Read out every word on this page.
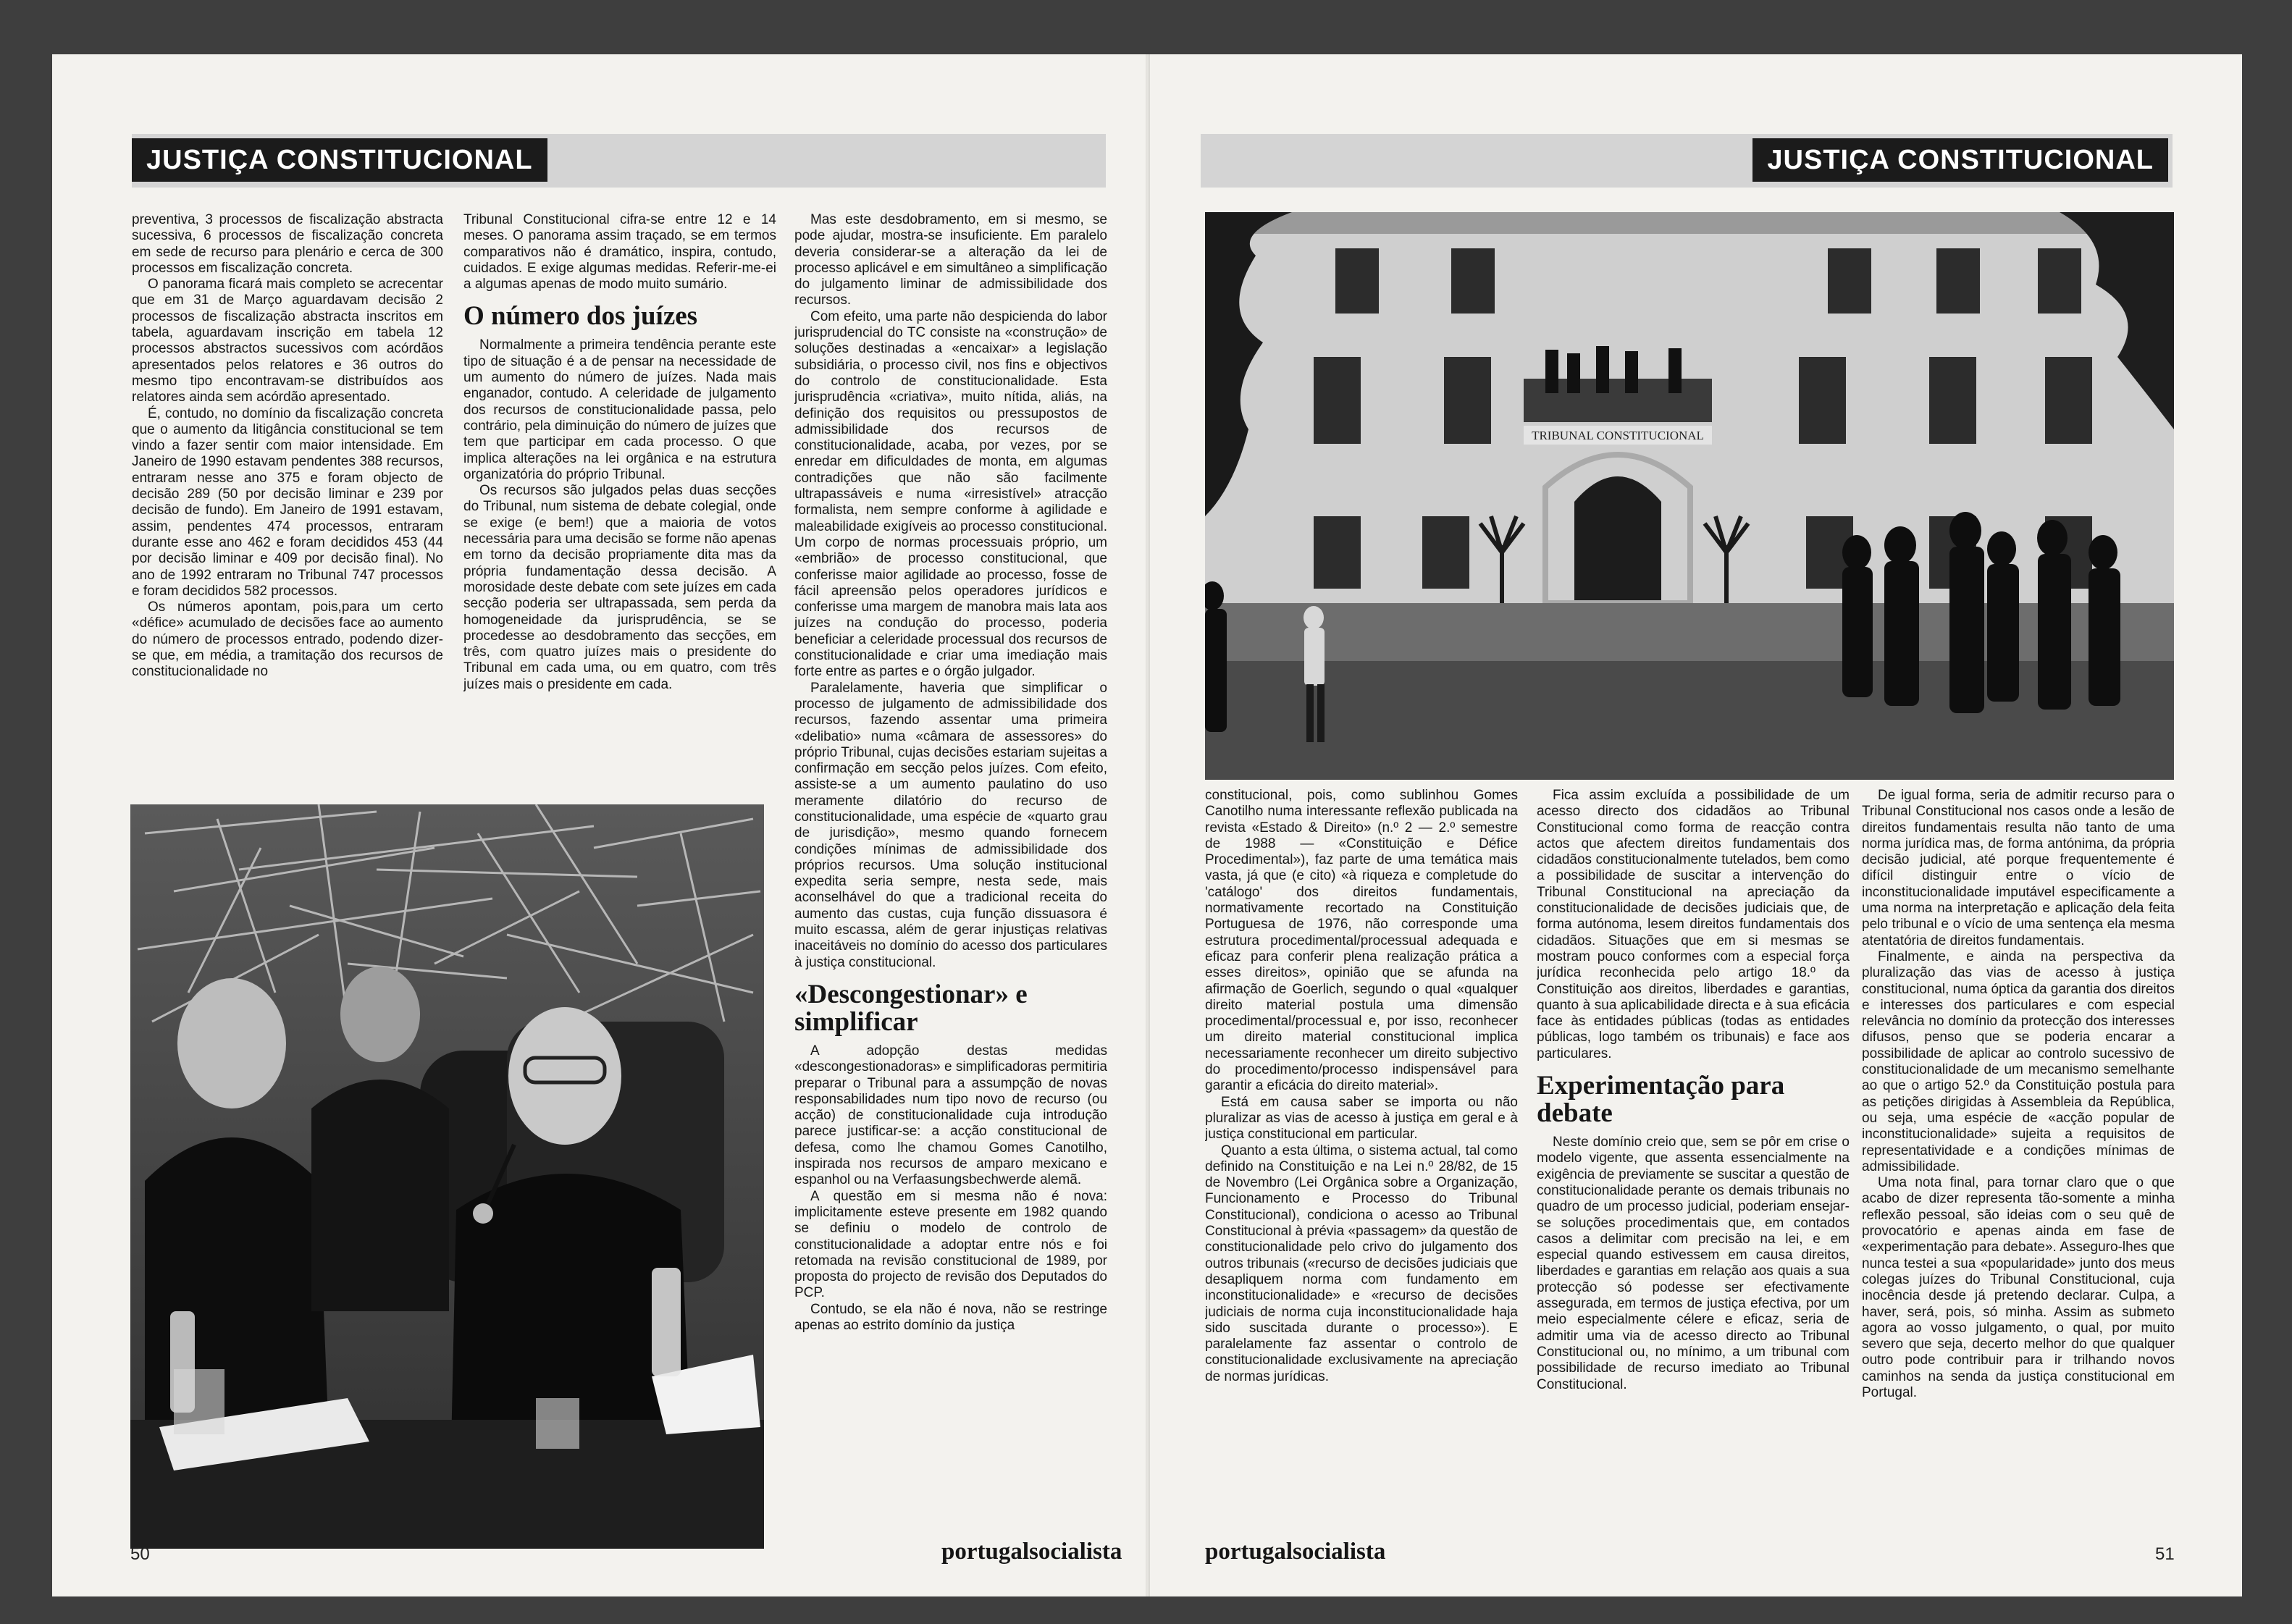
JUSTIÇA CONSTITUCIONAL

preventiva, 3 processos de fiscalização abstracta sucessiva, 6 processos de fiscalização concreta em sede de recurso para plenário e cerca de 300 processos em fiscalização concreta.

O panorama ficará mais completo se acrecentar que em 31 de Março aguardavam decisão 2 processos de fiscalização abstracta inscritos em tabela, aguardavam inscrição em tabela 12 processos abstractos sucessivos com acórdãos apresentados pelos relatores e 36 outros do mesmo tipo encontravam-se distribuídos aos relatores ainda sem acórdão apresentado.

É, contudo, no domínio da fiscalização concreta que o aumento da litigância constitucional se tem vindo a fazer sentir com maior intensidade. Em Janeiro de 1990 estavam pendentes 388 recursos, entraram nesse ano 375 e foram objecto de decisão 289 (50 por decisão liminar e 239 por decisão de fundo). Em Janeiro de 1991 estavam, assim, pendentes 474 processos, entraram durante esse ano 462 e foram decididos 453 (44 por decisão liminar e 409 por decisão final). No ano de 1992 entraram no Tribunal 747 processos e foram decididos 582 processos.

Os números apontam, pois,para um certo «défice» acumulado de decisões face ao aumento do número de processos entrado, podendo dizer-se que, em média, a tramitação dos recursos de constitucionalidade no

Tribunal Constitucional cifra-se entre 12 e 14 meses. O panorama assim traçado, se em termos comparativos não é dramático, inspira, contudo, cuidados. E exige algumas medidas. Referir-me-ei a algumas apenas de modo muito sumário.

O número dos juízes

Normalmente a primeira tendência perante este tipo de situação é a de pensar na necessidade de um aumento do número de juízes. Nada mais enganador, contudo. A celeridade de julgamento dos recursos de constitucionalidade passa, pelo contrário, pela diminuição do número de juízes que tem que participar em cada processo. O que implica alterações na lei orgânica e na estrutura organizatória do próprio Tribunal.

Os recursos são julgados pelas duas secções do Tribunal, num sistema de debate colegial, onde se exige (e bem!) que a maioria de votos necessária para uma decisão se forme não apenas em torno da decisão propriamente dita mas da própria fundamentação dessa decisão. A morosidade deste debate com sete juízes em cada secção poderia ser ultrapassada, sem perda da homogeneidade da jurisprudência, se se procedesse ao desdobramento das secções, em três, com quatro juízes mais o presidente do Tribunal em cada uma, ou em quatro, com três juízes mais o presidente em cada.

Mas este desdobramento, em si mesmo, se pode ajudar, mostra-se insuficiente. Em paralelo deveria considerar-se a alteração da lei de processo aplicável e em simultâneo a simplificação do julgamento liminar de admissibilidade dos recursos.

Com efeito, uma parte não despicienda do labor jurisprudencial do TC consiste na «construção» de soluções destinadas a «encaixar» a legislação subsidiária, o processo civil, nos fins e objectivos do controlo de constitucionalidade. Esta jurisprudência «criativa», muito nítida, aliás, na definição dos requisitos ou pressupostos de admissibilidade dos recursos de constitucionalidade, acaba, por vezes, por se enredar em dificuldades de monta, em algumas contradições que não são facilmente ultrapassáveis e numa «irresistível» atracção formalista, nem sempre conforme à agilidade e maleabilidade exigíveis ao processo constitucional. Um corpo de normas processuais próprio, um «embrião» de processo constitucional, que conferisse maior agilidade ao processo, fosse de fácil apreensão pelos operadores jurídicos e conferisse uma margem de manobra mais lata aos juízes na condução do processo, poderia beneficiar a celeridade processual dos recursos de constitucionalidade e criar uma imediação mais forte entre as partes e o órgão julgador.

Paralelamente, haveria que simplificar o processo de julgamento de admissibilidade dos recursos, fazendo assentar uma primeira «delibatio» numa «câmara de assessores» do próprio Tribunal, cujas decisões estariam sujeitas a confirmação em secção pelos juízes. Com efeito, assiste-se a um aumento paulatino do uso meramente dilatório do recurso de constitucionalidade, uma espécie de «quarto grau de jurisdição», mesmo quando fornecem condições mínimas de admissibilidade dos próprios recursos. Uma solução institucional expedita seria sempre, nesta sede, mais aconselhável do que a tradicional receita do aumento das custas, cuja função dissuasora é muito escassa, além de gerar injustiças relativas inaceitáveis no domínio do acesso dos particulares à justiça constitucional.

«Descongestionar» e simplificar

A adopção destas medidas «descongestionadoras» e simplificadoras permitiria preparar o Tribunal para a assumpção de novas responsabilidades num tipo novo de recurso (ou acção) de constitucionalidade cuja introdução parece justificar-se: a acção constitucional de defesa, como lhe chamou Gomes Canotilho, inspirada nos recursos de amparo mexicano e espanhol ou na Verfaasungsbechwerde alemã.

A questão em si mesma não é nova: implicitamente esteve presente em 1982 quando se definiu o modelo de controlo de constitucionalidade a adoptar entre nós e foi retomada na revisão constitucional de 1989, por proposta do projecto de revisão dos Deputados do PCP.

Contudo, se ela não é nova, não se restringe apenas ao estrito domínio da justiça

50	portugalsocialista
JUSTIÇA CONSTITUCIONAL
TRIBUNAL CONSTITUCIONAL

constitucional, pois, como sublinhou Gomes Canotilho numa interessante reflexão publicada na revista «Estado & Direito» (n.º 2 — 2.º semestre de 1988 — «Constituição e Défice Procedimental»), faz parte de uma temática mais vasta, já que (e cito) «à riqueza e completude do 'catálogo' dos direitos fundamentais, normativamente recortado na Constituição Portuguesa de 1976, não corresponde uma estrutura procedimental/processual adequada e eficaz para conferir plena realização prática a esses direitos», opinião que se afunda na afirmação de Goerlich, segundo o qual «qualquer direito material postula uma dimensão procedimental/processual e, por isso, reconhecer um direito material constitucional implica necessariamente reconhecer um direito subjectivo do procedimento/processo indispensável para garantir a eficácia do direito material».

Está em causa saber se importa ou não pluralizar as vias de acesso à justiça em geral e à justiça constitucional em particular.

Quanto a esta última, o sistema actual, tal como definido na Constituição e na Lei n.º 28/82, de 15 de Novembro (Lei Orgânica sobre a Organização, Funcionamento e Processo do Tribunal Constitucional), condiciona o acesso ao Tribunal Constitucional à prévia «passagem» da questão de constitucionalidade pelo crivo do julgamento dos outros tribunais («recurso de decisões judiciais que desapliquem norma com fundamento em inconstitucionalidade» e «recurso de decisões judiciais de norma cuja inconstitucionalidade haja sido suscitada durante o processo»). E paralelamente faz assentar o controlo de constitucionalidade exclusivamente na apreciação de normas jurídicas.

Fica assim excluída a possibilidade de um acesso directo dos cidadãos ao Tribunal Constitucional como forma de reacção contra actos que afectem direitos fundamentais dos cidadãos constitucionalmente tutelados, bem como a possibilidade de suscitar a intervenção do Tribunal Constitucional na apreciação da constitucionalidade de decisões judiciais que, de forma autónoma, lesem direitos fundamentais dos cidadãos. Situações que em si mesmas se mostram pouco conformes com a especial força jurídica reconhecida pelo artigo 18.º da Constituição aos direitos, liberdades e garantias, quanto à sua aplicabilidade directa e à sua eficácia face às entidades públicas (todas as entidades públicas, logo também os tribunais) e face aos particulares.

Experimentação para debate

Neste domínio creio que, sem se pôr em crise o modelo vigente, que assenta essencialmente na exigência de previamente se suscitar a questão de constitucionalidade perante os demais tribunais no quadro de um processo judicial, poderiam ensejar-se soluções procedimentais que, em contados casos a delimitar com precisão na lei, e em especial quando estivessem em causa direitos, liberdades e garantias em relação aos quais a sua protecção só podesse ser efectivamente assegurada, em termos de justiça efectiva, por um meio especialmente célere e eficaz, seria de admitir uma via de acesso directo ao Tribunal Constitucional ou, no mínimo, a um tribunal com possibilidade de recurso imediato ao Tribunal Constitucional.

De igual forma, seria de admitir recurso para o Tribunal Constitucional nos casos onde a lesão de direitos fundamentais resulta não tanto de uma norma jurídica mas, de forma antónima, da própria decisão judicial, até porque frequentemente é difícil distinguir entre o vício de inconstitucionalidade imputável especificamente a uma norma na interpretação e aplicação dela feita pelo tribunal e o vício de uma sentença ela mesma atentatória de direitos fundamentais.

Finalmente, e ainda na perspectiva da pluralização das vias de acesso à justiça constitucional, numa óptica da garantia dos direitos e interesses dos particulares e com especial relevância no domínio da protecção dos interesses difusos, penso que se poderia encarar a possibilidade de aplicar ao controlo sucessivo de constitucionalidade de um mecanismo semelhante ao que o artigo 52.º da Constituição postula para as petições dirigidas à Assembleia da República, ou seja, uma espécie de «acção popular de inconstitucionalidade» sujeita a requisitos de representatividade e a condições mínimas de admissibilidade.

Uma nota final, para tornar claro que o que acabo de dizer representa tão-somente a minha reflexão pessoal, são ideias com o seu quê de provocatório e apenas ainda em fase de «experimentação para debate». Asseguro-lhes que nunca testei a sua «popularidade» junto dos meus colegas juízes do Tribunal Constitucional, cuja inocência desde já pretendo declarar. Culpa, a haver, será, pois, só minha. Assim as submeto agora ao vosso julgamento, o qual, por muito severo que seja, decerto melhor do que qualquer outro pode contribuir para ir trilhando novos caminhos na senda da justiça constitucional em Portugal.

portugalsocialista	51
